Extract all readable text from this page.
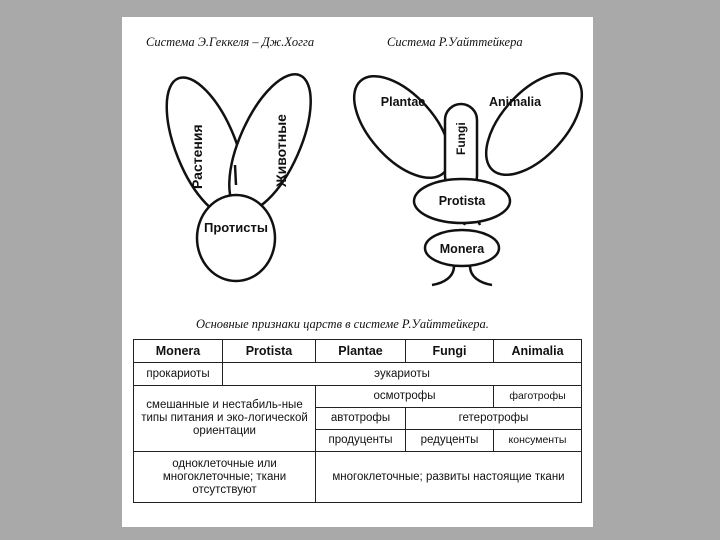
Система Э.Геккеля – Дж.Хогга
Растения	Животные
Протисты
Система Р.Уайттейкера
Plantae	Animalia
Fungi
Protista
Monera
Основные признаки царств в системе Р.Уайттейкера.
Monera	Protista	Plantae	Fungi	Animalia
прокариоты	эукариоты			
смешанные и нестабиль-ные типы питания и эко-логической ориентации		осмотрофы		фаготрофы
		автотрофы	гетеротрофы	
		продуценты	редуценты	консументы
одноклеточные или многоклеточные; ткани отсутствуют		многоклеточные; развиты настоящие ткани		
